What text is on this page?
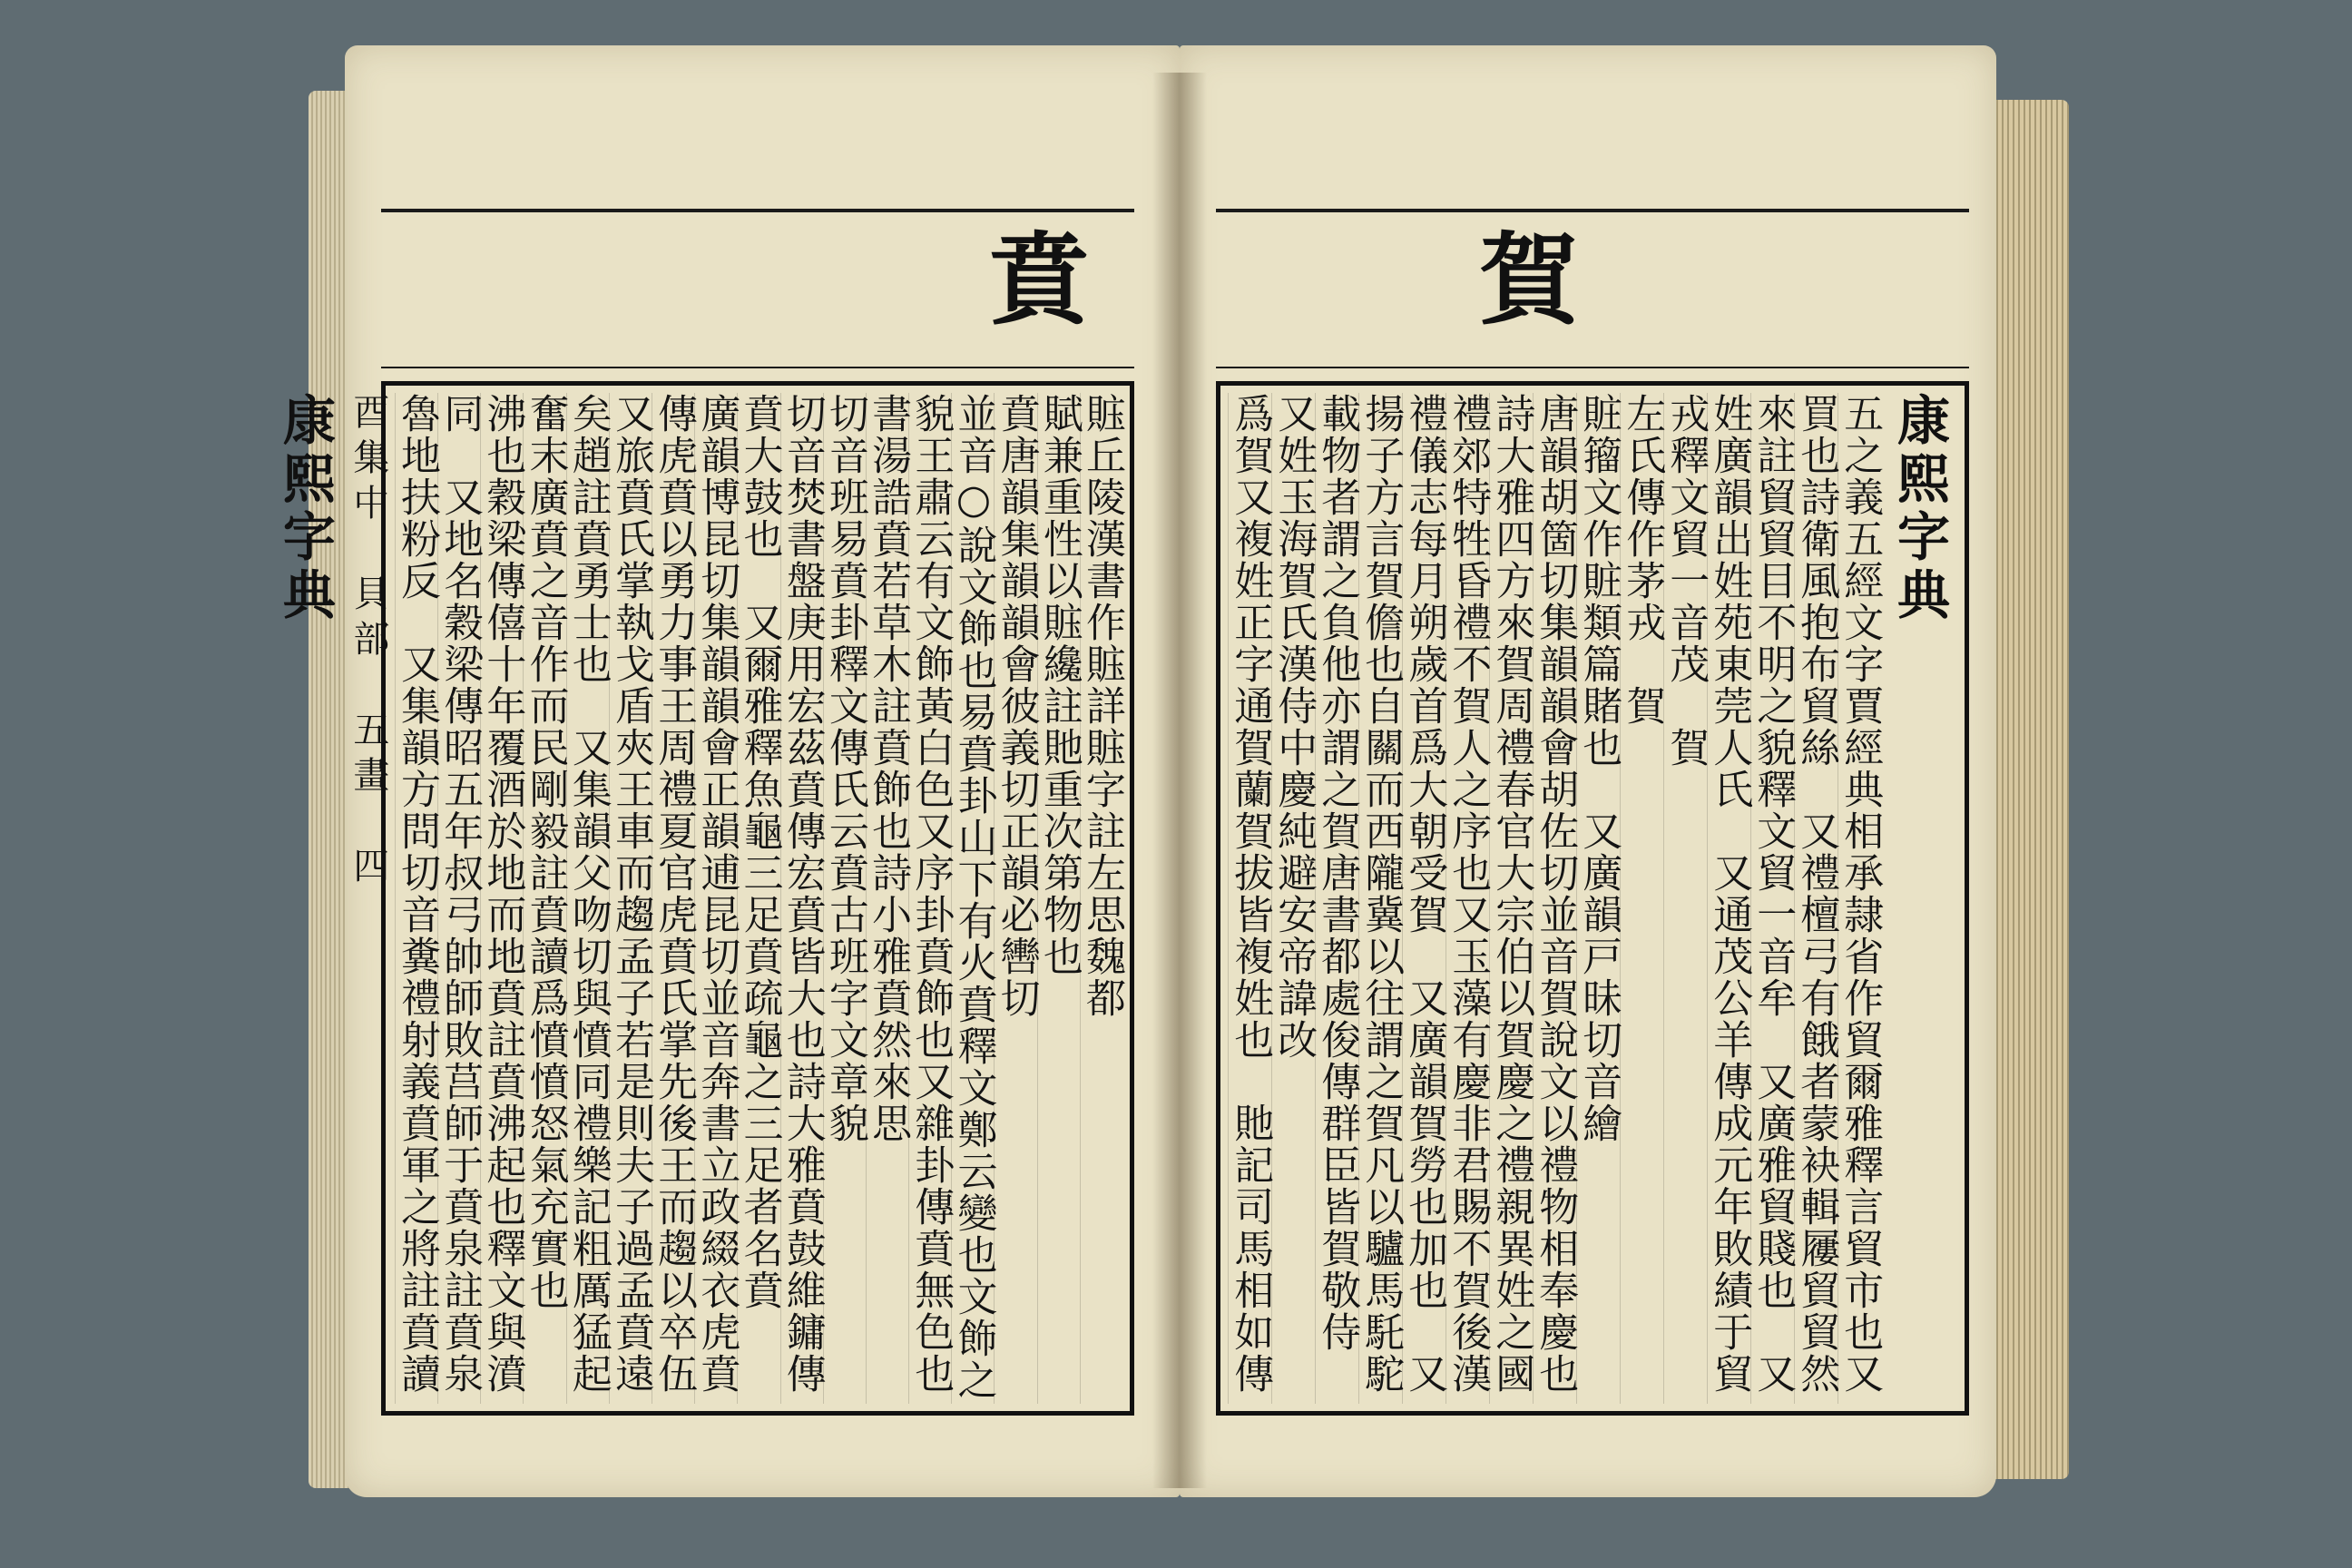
賁
賘丘陵漢書作賘詳賘字註左思魏都
賦兼重性以賘纔註貤重次第物也
賁唐韻集韻韻會彼義切正韻必轡切
並音○說文飾也易賁卦山下有火賁釋文鄭云變也文飾之
貌王肅云有文飾黃白色又序卦賁飾也又雜卦傳賁無色也
書湯誥賁若草木註賁飾也詩小雅賁然來思
切音班易賁卦釋文傳氏云賁古班字文章貌
切音焚書盤庚用宏茲賁傳宏賁皆大也詩大雅賁鼓維鏞傳
賁大鼓也　又爾雅釋魚龜三足賁疏龜之三足者名賁
廣韻博昆切集韻韻會正韻逋昆切並音奔書立政綴衣虎賁
傳虎賁以勇力事王周禮夏官虎賁氏掌先後王而趨以卒伍
又旅賁氏掌執戈盾夾王車而趨孟子若是則夫子過孟賁遠
矣趙註賁勇士也　又集韻父吻切與憤同禮樂記粗厲猛起
奮末廣賁之音作而民剛毅註賁讀爲憤憤怒氣充實也
沸也穀梁傳僖十年覆酒於地而地賁註賁沸起也釋文與濆
同　又地名穀梁傳昭五年叔弓帥師敗莒師于賁泉註賁泉
魯地扶粉反　又集韻方問切音糞禮射義賁軍之將註賁讀
酉集中　貝部　五畫　四　
康熙字典
賀
康熙字典
五之義五經文字賈經典相承隷省作貿爾雅釋言貿市也又
買也詩衛風抱布貿絲　又禮檀弓有餓者蒙袂輯屨貿貿然
來註貿貿目不明之貌釋文貿一音牟　又廣雅貿賤也　又
姓廣韻出姓苑東莞人氏　又通茂公羊傳成元年敗績于貿
戎釋文貿一音茂　賀
左氏傳作茅戎　賀
賍籀文作賍類篇賭也　又廣韻戸昧切音繪
唐韻胡箇切集韻韻會胡佐切並音賀說文以禮物相奉慶也
詩大雅四方來賀周禮春官大宗伯以賀慶之禮親異姓之國
禮郊特牲昏禮不賀人之序也又玉藻有慶非君賜不賀後漢
禮儀志每月朔歲首爲大朝受賀　又廣韻賀勞也加也　又
揚子方言賀儋也自關而西隴冀以往謂之賀凡以驢馬馲駝
載物者謂之負他亦謂之賀唐書都處俊傳群臣皆賀敬侍
又姓玉海賀氏漢侍中慶純避安帝諱改
爲賀又複姓正字通賀蘭賀拔皆複姓也　貤記司馬相如傳
